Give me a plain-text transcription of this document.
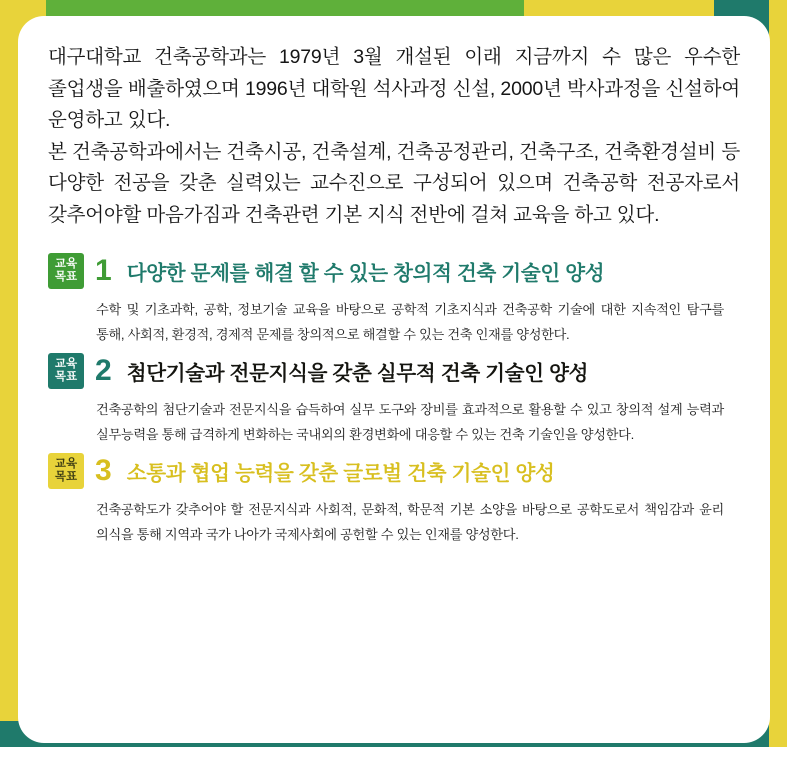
대구대학교 건축공학과는 1979년 3월 개설된 이래 지금까지 수 많은 우수한 졸업생을 배출하였으며 1996년 대학원 석사과정 신설, 2000년 박사과정을 신설하여 운영하고 있다.

본 건축공학과에서는 건축시공, 건축설계, 건축공정관리, 건축구조, 건축환경설비 등 다양한 전공을 갖춘 실력있는 교수진으로 구성되어 있으며 건축공학 전공자로서 갖추어야할 마음가짐과 건축관련 기본 지식 전반에 걸쳐 교육을 하고 있다.

교육
목표 1 다양한 문제를 해결 할 수 있는 창의적 건축 기술인 양성
수학 및 기초과학, 공학, 정보기술 교육을 바탕으로 공학적 기초지식과 건축공학 기술에 대한 지속적인 탐구를 통해, 사회적, 환경적, 경제적 문제를 창의적으로 해결할 수 있는 건축 인재를 양성한다.
교육
목표 2 첨단기술과 전문지식을 갖춘 실무적 건축 기술인 양성
건축공학의 첨단기술과 전문지식을 습득하여 실무 도구와 장비를 효과적으로 활용할 수 있고 창의적 설계 능력과 실무능력을 통해 급격하게 변화하는 국내외의 환경변화에 대응할 수 있는 건축 기술인을 양성한다.
교육
목표 3 소통과 협업 능력을 갖춘 글로벌 건축 기술인 양성
건축공학도가 갖추어야 할 전문지식과 사회적, 문화적, 학문적 기본 소양을 바탕으로 공학도로서 책임감과 윤리 의식을 통해 지역과 국가 나아가 국제사회에 공헌할 수 있는 인재를 양성한다.
